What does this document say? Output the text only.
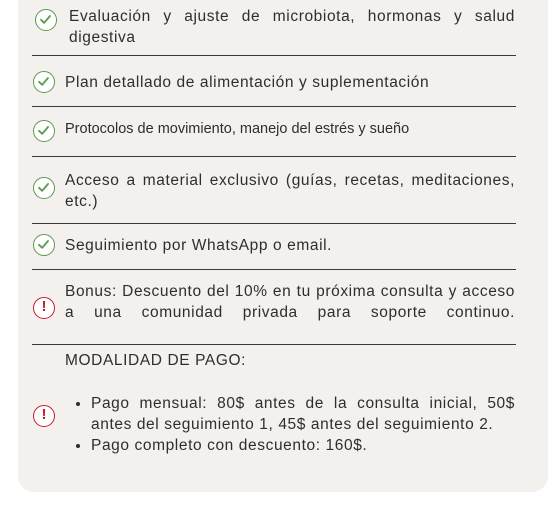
Evaluación y ajuste de microbiota, hormonas y salud digestiva
Plan detallado de alimentación y suplementación
Protocolos de movimiento, manejo del estrés y sueño
Acceso a material exclusivo (guías, recetas, meditaciones, etc.)
Seguimiento por WhatsApp o email.
!
Bonus: Descuento del 10% en tu próxima consulta y acceso a una comunidad privada para soporte continuo.
MODALIDAD DE PAGO:
!
• Pago mensual: 80$ antes de la consulta inicial, 50$ antes del seguimiento 1, 45$ antes del seguimiento 2.
• Pago completo con descuento: 160$.
